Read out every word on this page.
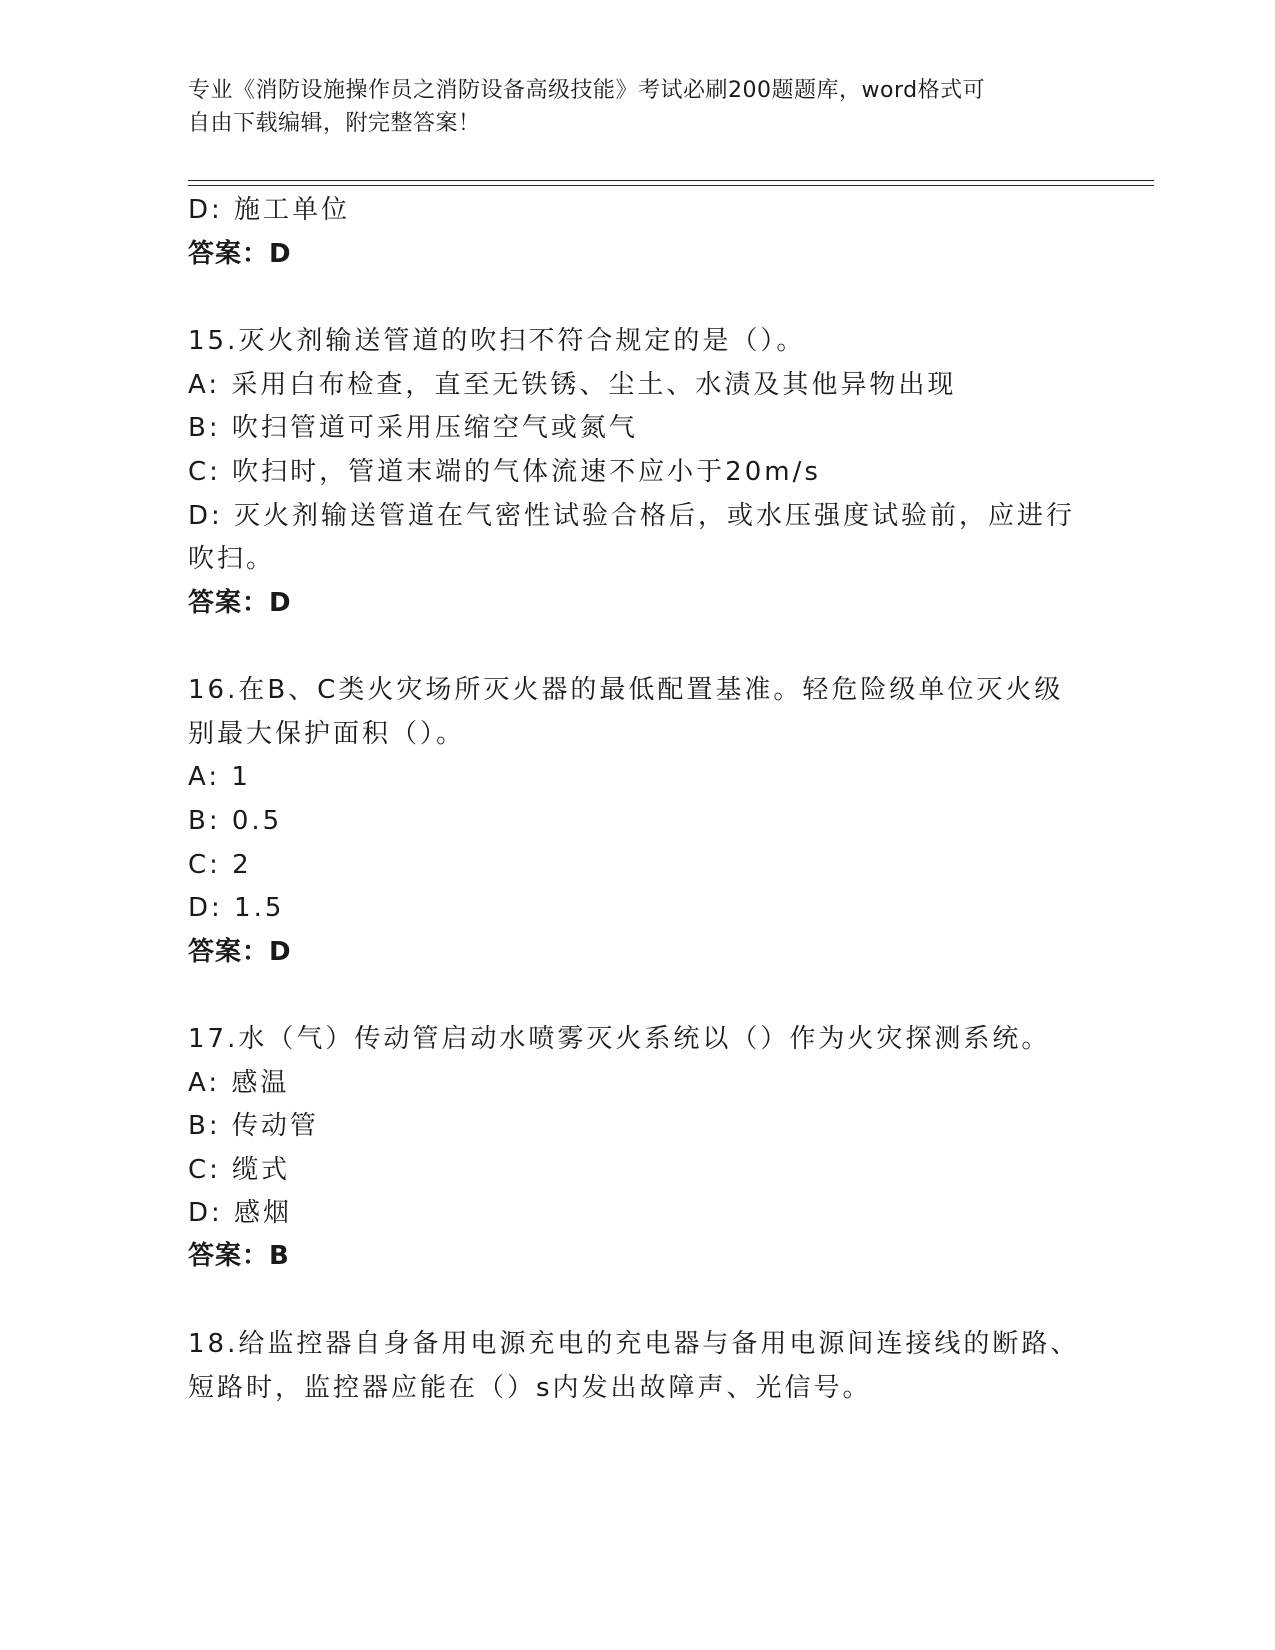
专业《消防设施操作员之消防设备高级技能》考试必刷200题题库，word格式可
自由下载编辑，附完整答案！
D: 施工单位
答案：D
15.灭火剂输送管道的吹扫不符合规定的是（）。
A: 采用白布检查，直至无铁锈、尘土、水渍及其他异物出现
B: 吹扫管道可采用压缩空气或氮气
C: 吹扫时，管道末端的气体流速不应小于20m/s
D: 灭火剂输送管道在气密性试验合格后，或水压强度试验前，应进行
吹扫。
答案：D
16.在B、C类火灾场所灭火器的最低配置基准。轻危险级单位灭火级
别最大保护面积（）。
A: 1
B: 0.5
C: 2
D: 1.5
答案：D
17.水（气）传动管启动水喷雾灭火系统以（）作为火灾探测系统。
A: 感温
B: 传动管
C: 缆式
D: 感烟
答案：B
18.给监控器自身备用电源充电的充电器与备用电源间连接线的断路、
短路时，监控器应能在（）s内发出故障声、光信号。
